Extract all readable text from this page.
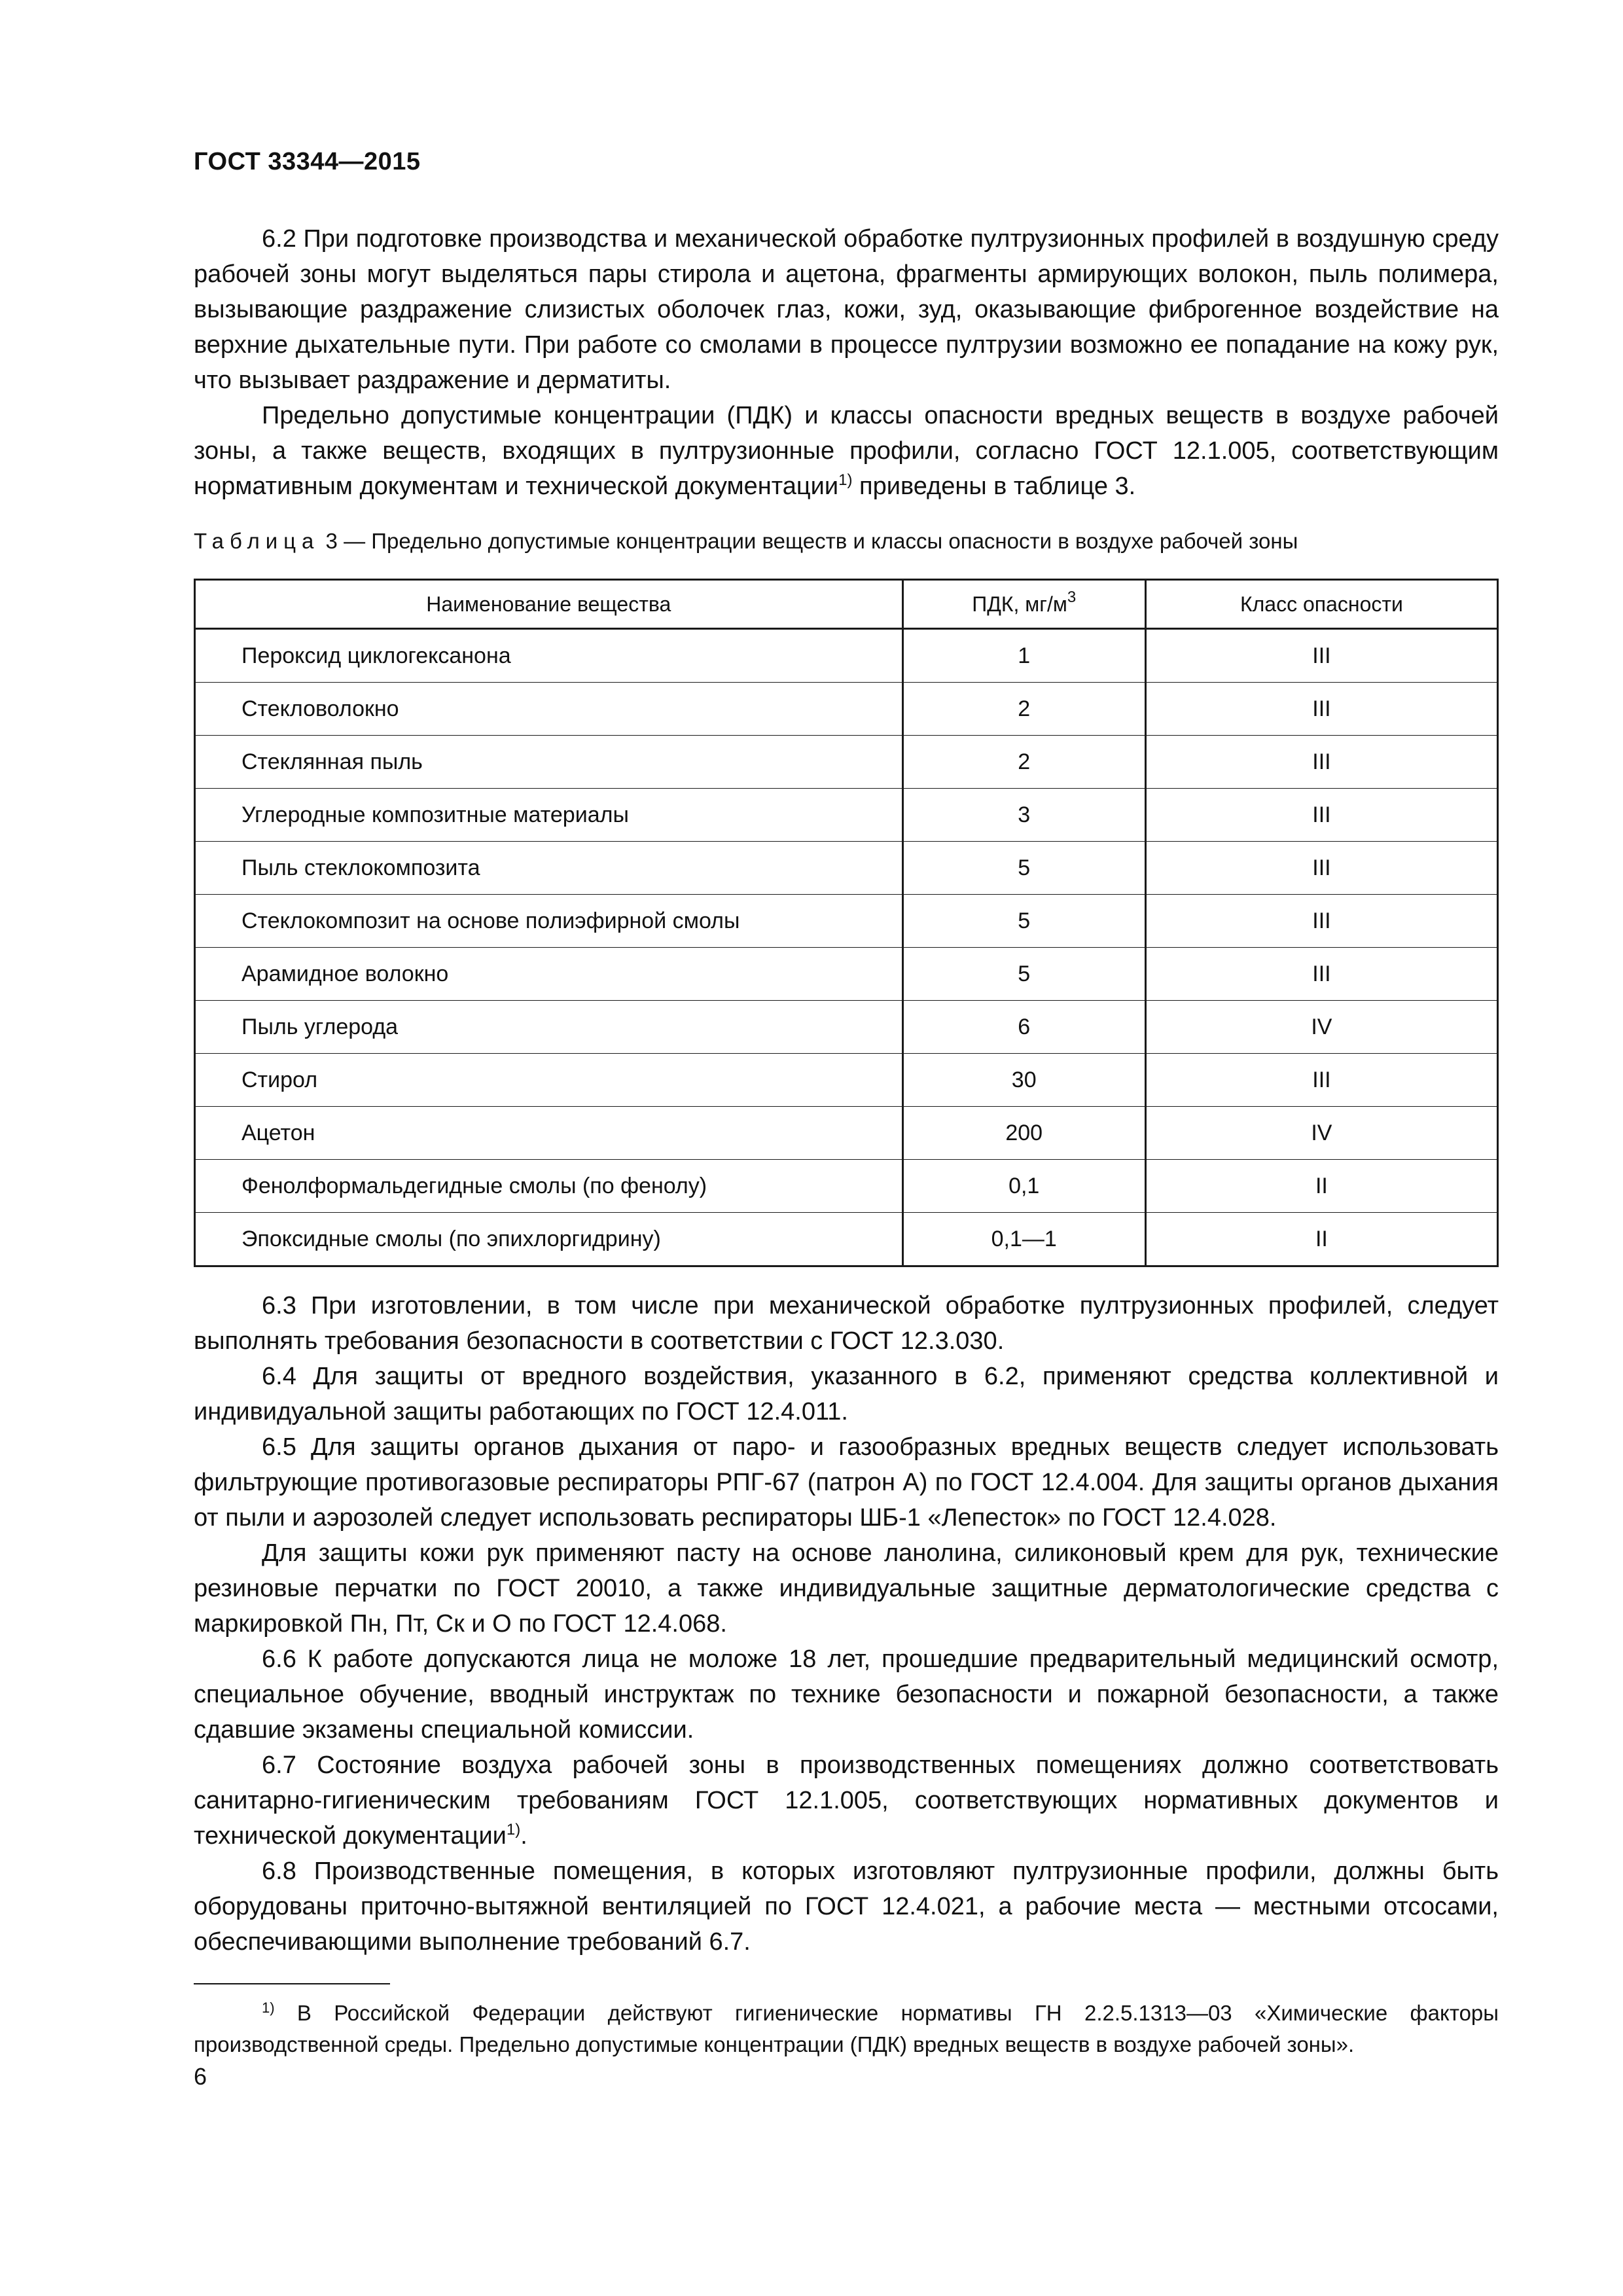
ГОСТ 33344—2015

6.2 При подготовке производства и механической обработке пултрузионных профилей в воздушную среду рабочей зоны могут выделяться пары стирола и ацетона, фрагменты армирующих волокон, пыль полимера, вызывающие раздражение слизистых оболочек глаз, кожи, зуд, оказывающие фиброгенное воздействие на верхние дыхательные пути. При работе со смолами в процессе пултрузии возможно ее попадание на кожу рук, что вызывает раздражение и дерматиты.

Предельно допустимые концентрации (ПДК) и классы опасности вредных веществ в воздухе рабочей зоны, а также веществ, входящих в пултрузионные профили, согласно ГОСТ 12.1.005, соответствующим нормативным документам и технической документации$^{1)}$ приведены в таблице 3.

Таблица 3 — Предельно допустимые концентрации веществ и классы опасности в воздухе рабочей зоны
Наименование вещества	ПДК, $мг/м^3$	Класс опасности
Пероксид циклогексанона	1	III
Стекловолокно	2	III
Стеклянная пыль	2	III
Углеродные композитные материалы	3	III
Пыль стеклокомпозита	5	III
Стеклокомпозит на основе полиэфирной смолы	5	III
Арамидное волокно	5	III
Пыль углерода	6	IV
Стирол	30	III
Ацетон	200	IV
Фенолформальдегидные смолы (по фенолу)	0,1	II
Эпоксидные смолы (по эпихлоргидрину)	0,1—1	II

6.3 При изготовлении, в том числе при механической обработке пултрузионных профилей, следует выполнять требования безопасности в соответствии с ГОСТ 12.3.030.

6.4 Для защиты от вредного воздействия, указанного в 6.2, применяют средства коллективной и индивидуальной защиты работающих по ГОСТ 12.4.011.

6.5 Для защиты органов дыхания от паро- и газообразных вредных веществ следует использовать фильтрующие противогазовые респираторы РПГ-67 (патрон А) по ГОСТ 12.4.004. Для защиты органов дыхания от пыли и аэрозолей следует использовать респираторы ШБ-1 «Лепесток» по ГОСТ 12.4.028.

Для защиты кожи рук применяют пасту на основе ланолина, силиконовый крем для рук, технические резиновые перчатки по ГОСТ 20010, а также индивидуальные защитные дерматологические средства с маркировкой Пн, Пт, Ск и О по ГОСТ 12.4.068.

6.6 К работе допускаются лица не моложе 18 лет, прошедшие предварительный медицинский осмотр, специальное обучение, вводный инструктаж по технике безопасности и пожарной безопасности, а также сдавшие экзамены специальной комиссии.

6.7 Состояние воздуха рабочей зоны в производственных помещениях должно соответствовать санитарно-гигиеническим требованиям ГОСТ 12.1.005, соответствующих нормативных документов и технической документации$^{1)}$.

6.8 Производственные помещения, в которых изготовляют пултрузионные профили, должны быть оборудованы приточно-вытяжной вентиляцией по ГОСТ 12.4.021, а рабочие места — местными отсосами, обеспечивающими выполнение требований 6.7.

$^{1)}$ В Российской Федерации действуют гигиенические нормативы ГН 2.2.5.1313—03 «Химические факторы производственной среды. Предельно допустимые концентрации (ПДК) вредных веществ в воздухе рабочей зоны».
6
